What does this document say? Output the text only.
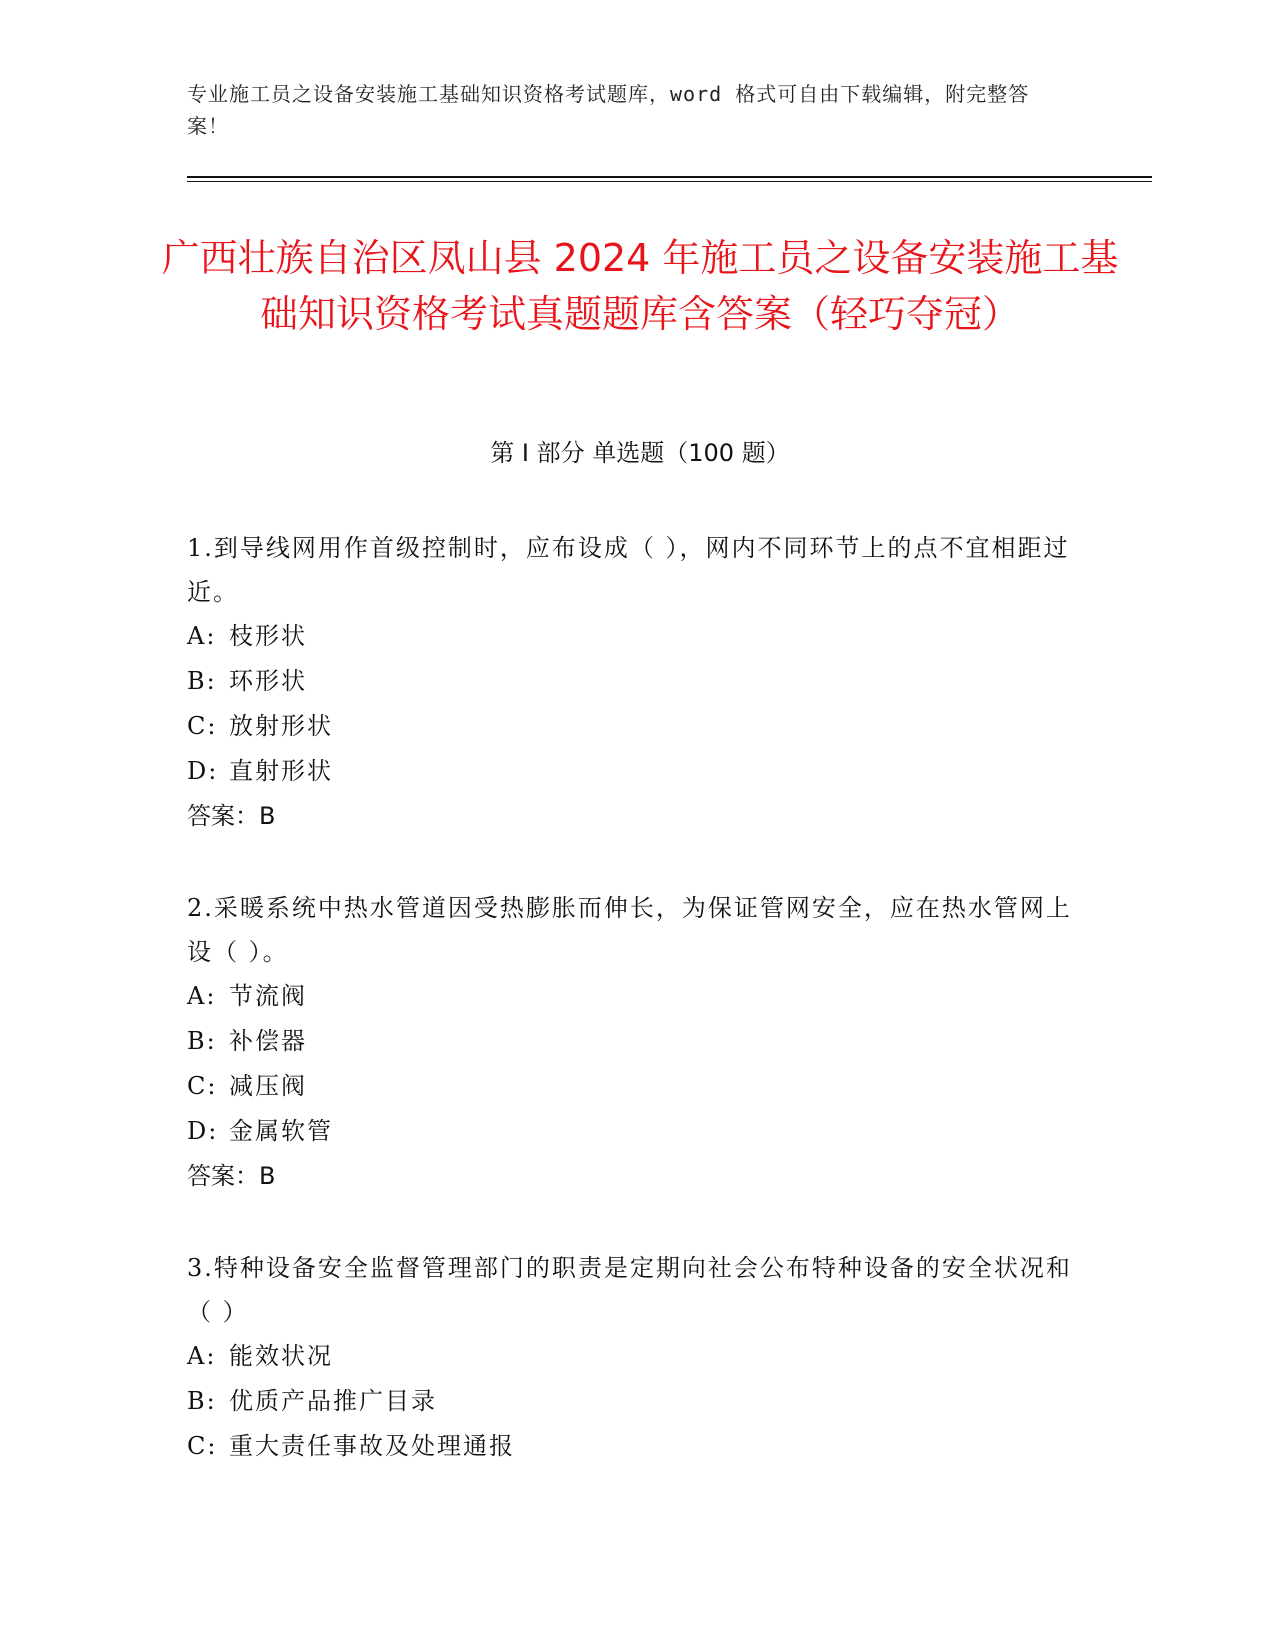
专业施工员之设备安装施工基础知识资格考试题库，word 格式可自由下载编辑，附完整答案！
广西壮族自治区凤山县 2024 年施工员之设备安装施工基础知识资格考试真题题库含答案（轻巧夺冠）
第 I 部分 单选题（100 题）

1.到导线网用作首级控制时，应布设成（ ），网内不同环节上的点不宜相距过近。

A: 枝形状
B: 环形状
C: 放射形状
D: 直射形状

答案：B

2.采暖系统中热水管道因受热膨胀而伸长，为保证管网安全，应在热水管网上设（ ）。

A: 节流阀
B: 补偿器
C: 减压阀
D: 金属软管

答案：B

3.特种设备安全监督管理部门的职责是定期向社会公布特种设备的安全状况和（ ）

A: 能效状况
B: 优质产品推广目录
C: 重大责任事故及处理通报
